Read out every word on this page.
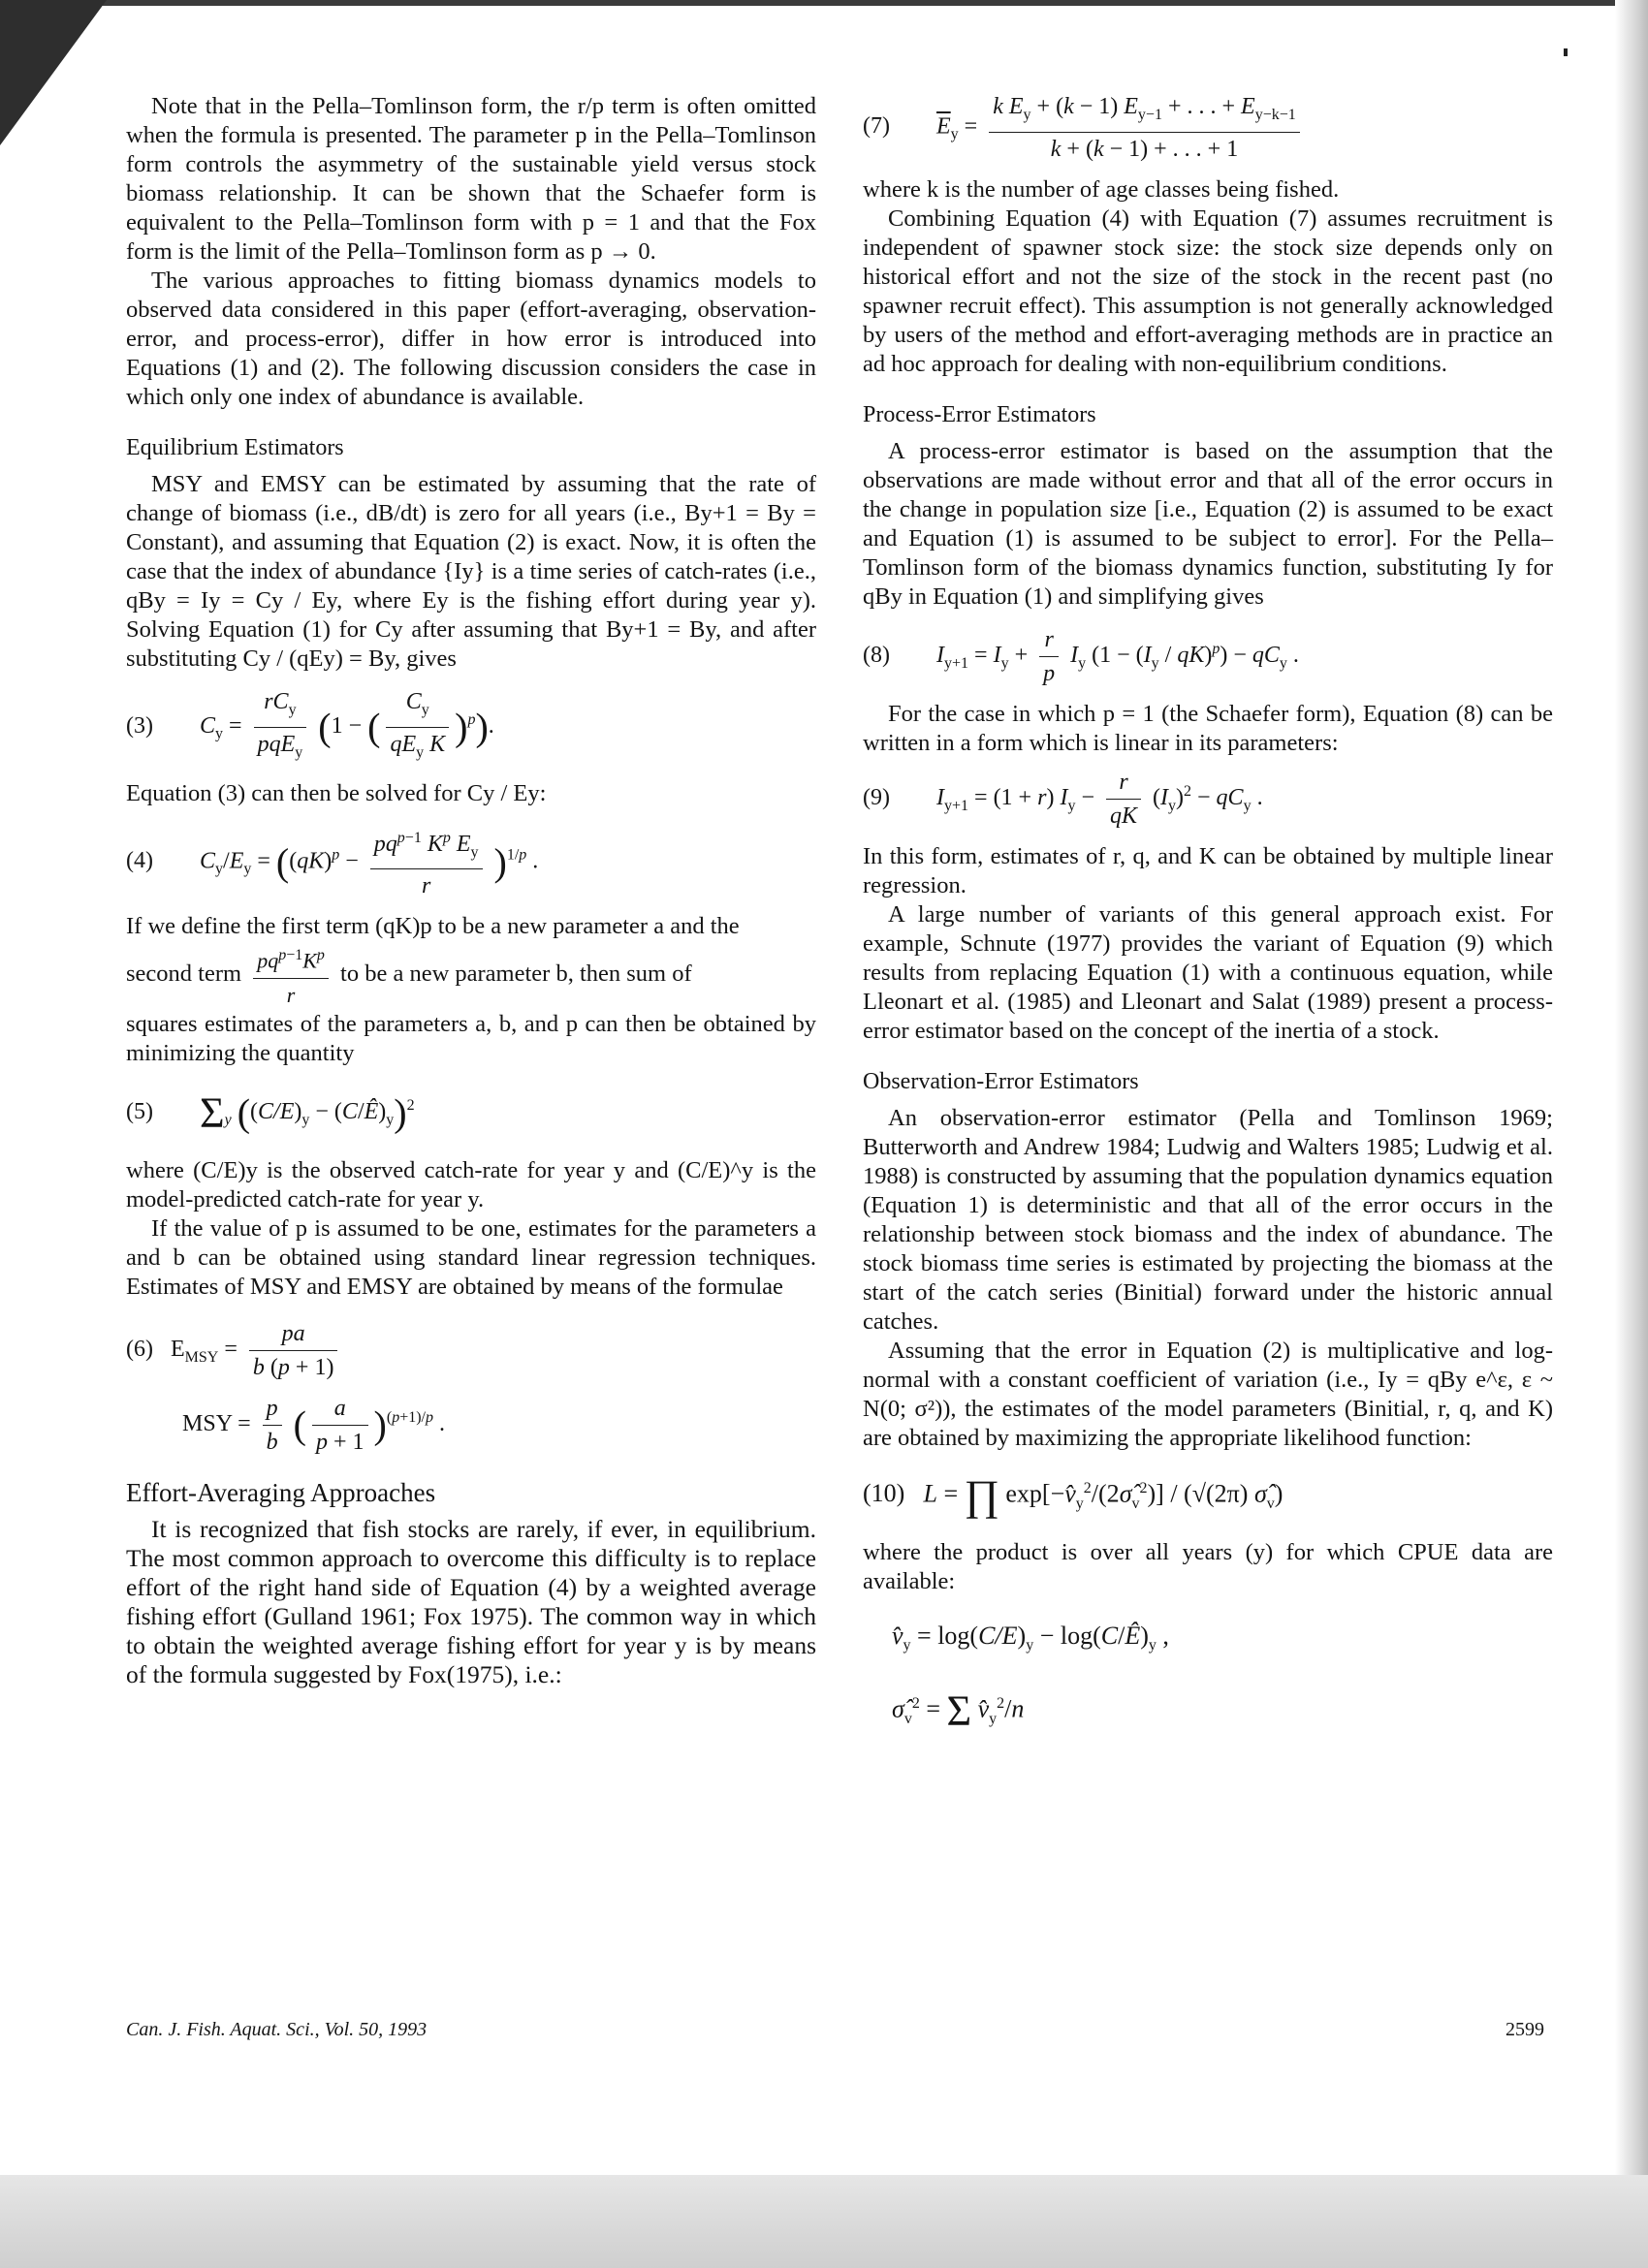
Note that in the Pella–Tomlinson form, the r/p term is often omitted when the formula is presented. The parameter p in the Pella–Tomlinson form controls the asymmetry of the sustainable yield versus stock biomass relationship. It can be shown that the Schaefer form is equivalent to the Pella–Tomlinson form with p = 1 and that the Fox form is the limit of the Pella–Tomlinson form as p → 0.

The various approaches to fitting biomass dynamics models to observed data considered in this paper (effort-averaging, observation-error, and process-error), differ in how error is introduced into Equations (1) and (2). The following discussion considers the case in which only one index of abundance is available.

Equilibrium Estimators

MSY and EMSY can be estimated by assuming that the rate of change of biomass (i.e., dB/dt) is zero for all years (i.e., By+1 = By = Constant), and assuming that Equation (2) is exact. Now, it is often the case that the index of abundance {Iy} is a time series of catch-rates (i.e., qBy = Iy = Cy / Ey, where Ey is the fishing effort during year y). Solving Equation (1) for Cy after assuming that By+1 = By, and after substituting Cy / (qEy) = By, gives

(3) $C_y = \frac{rC_y}{pqE_y} (1$ − ( $\frac{C_y}{qE_y K} )^p$).

Equation (3) can then be solved for Cy / Ey:

(4) $C_y/E_y = ((qK)^p - \frac{pq^{p-1} K^p E_y}{r} )^{1/p}$ .

If we define the first term (qK)p to be a new parameter a and the

second term $\frac{pq^{p-1}K^p}{r}$ to be a new parameter b, then sum of

squares estimates of the parameters a, b, and p can then be obtained by minimizing the quantity

(5) $\Sigma_y$ ($(C/E)_y$ − $(C/Ê)_y)^2$

where (C/E)y is the observed catch-rate for year y and (C/E)^y is the model-predicted catch-rate for year y.

If the value of p is assumed to be one, estimates for the parameters a and b can be obtained using standard linear regression techniques. Estimates of MSY and EMSY are obtained by means of the formulae

(6) $E_{MSY} = \frac{pa}{b (p + 1)}$
MSY = $\frac{p}{b}$ ( $\frac{a}{p + 1} )^{(p+1)/p}$ .
Effort-Averaging Approaches

It is recognized that fish stocks are rarely, if ever, in equilibrium. The most common approach to overcome this difficulty is to replace effort of the right hand side of Equation (4) by a weighted average fishing effort (Gulland 1961; Fox 1975). The common way in which to obtain the weighted average fishing effort for year y is by means of the formula suggested by Fox(1975), i.e.:

(7) $\overline{E}_y = \frac{k E_y + (k - 1) E_{y-1} + . . . + E_{y-k-1}}{k + (k - 1) + . . . + 1}$

where k is the number of age classes being fished.

Combining Equation (4) with Equation (7) assumes recruitment is independent of spawner stock size: the stock size depends only on historical effort and not the size of the stock in the recent past (no spawner recruit effect). This assumption is not generally acknowledged by users of the method and effort-averaging methods are in practice an ad hoc approach for dealing with non-equilibrium conditions.

Process-Error Estimators

A process-error estimator is based on the assumption that the observations are made without error and that all of the error occurs in the change in population size [i.e., Equation (2) is assumed to be exact and Equation (1) is assumed to be subject to error]. For the Pella–Tomlinson form of the biomass dynamics function, substituting Iy for qBy in Equation (1) and simplifying gives

(8) $I_{y+1} = I_y + \frac{r}{p} I_y$ $(1 - (I_y / qK)^p) - qC_y$ .

For the case in which p = 1 (the Schaefer form), Equation (8) can be written in a form which is linear in its parameters:

(9) $I_{y+1} = (1 + r) I_y - \frac{r}{qK} (I_y)^2 - qC_y$ .

In this form, estimates of r, q, and K can be obtained by multiple linear regression.

A large number of variants of this general approach exist. For example, Schnute (1977) provides the variant of Equation (9) which results from replacing Equation (1) with a continuous equation, while Lleonart et al. (1985) and Lleonart and Salat (1989) present a process-error estimator based on the concept of the inertia of a stock.

Observation-Error Estimators

An observation-error estimator (Pella and Tomlinson 1969; Butterworth and Andrew 1984; Ludwig and Walters 1985; Ludwig et al. 1988) is constructed by assuming that the population dynamics equation (Equation 1) is deterministic and that all of the error occurs in the relationship between stock biomass and the index of abundance. The stock biomass time series is estimated by projecting the biomass at the start of the catch series (Binitial) forward under the historic annual catches.

Assuming that the error in Equation (2) is multiplicative and log-normal with a constant coefficient of variation (i.e., Iy = qBy e^ε, ε ~ N(0; σ²)), the estimates of the model parameters (Binitial, r, q, and K) are obtained by maximizing the appropriate likelihood function:

(10) L = ∏ $\exp[-v̂_y^2/(2\sigmâ_v^2)] / (√(2\pi)$ $\sigmâ_v$)

where the product is over all years (y) for which CPUE data are available:

$v̂_y = \log(C/E)_y$ − $\log(C/Ê)_y$ ,
$\sigmâ_v^2 = \Sigma$ $v̂_y^2/n$
Can. J. Fish. Aquat. Sci., Vol. 50, 1993	2599
